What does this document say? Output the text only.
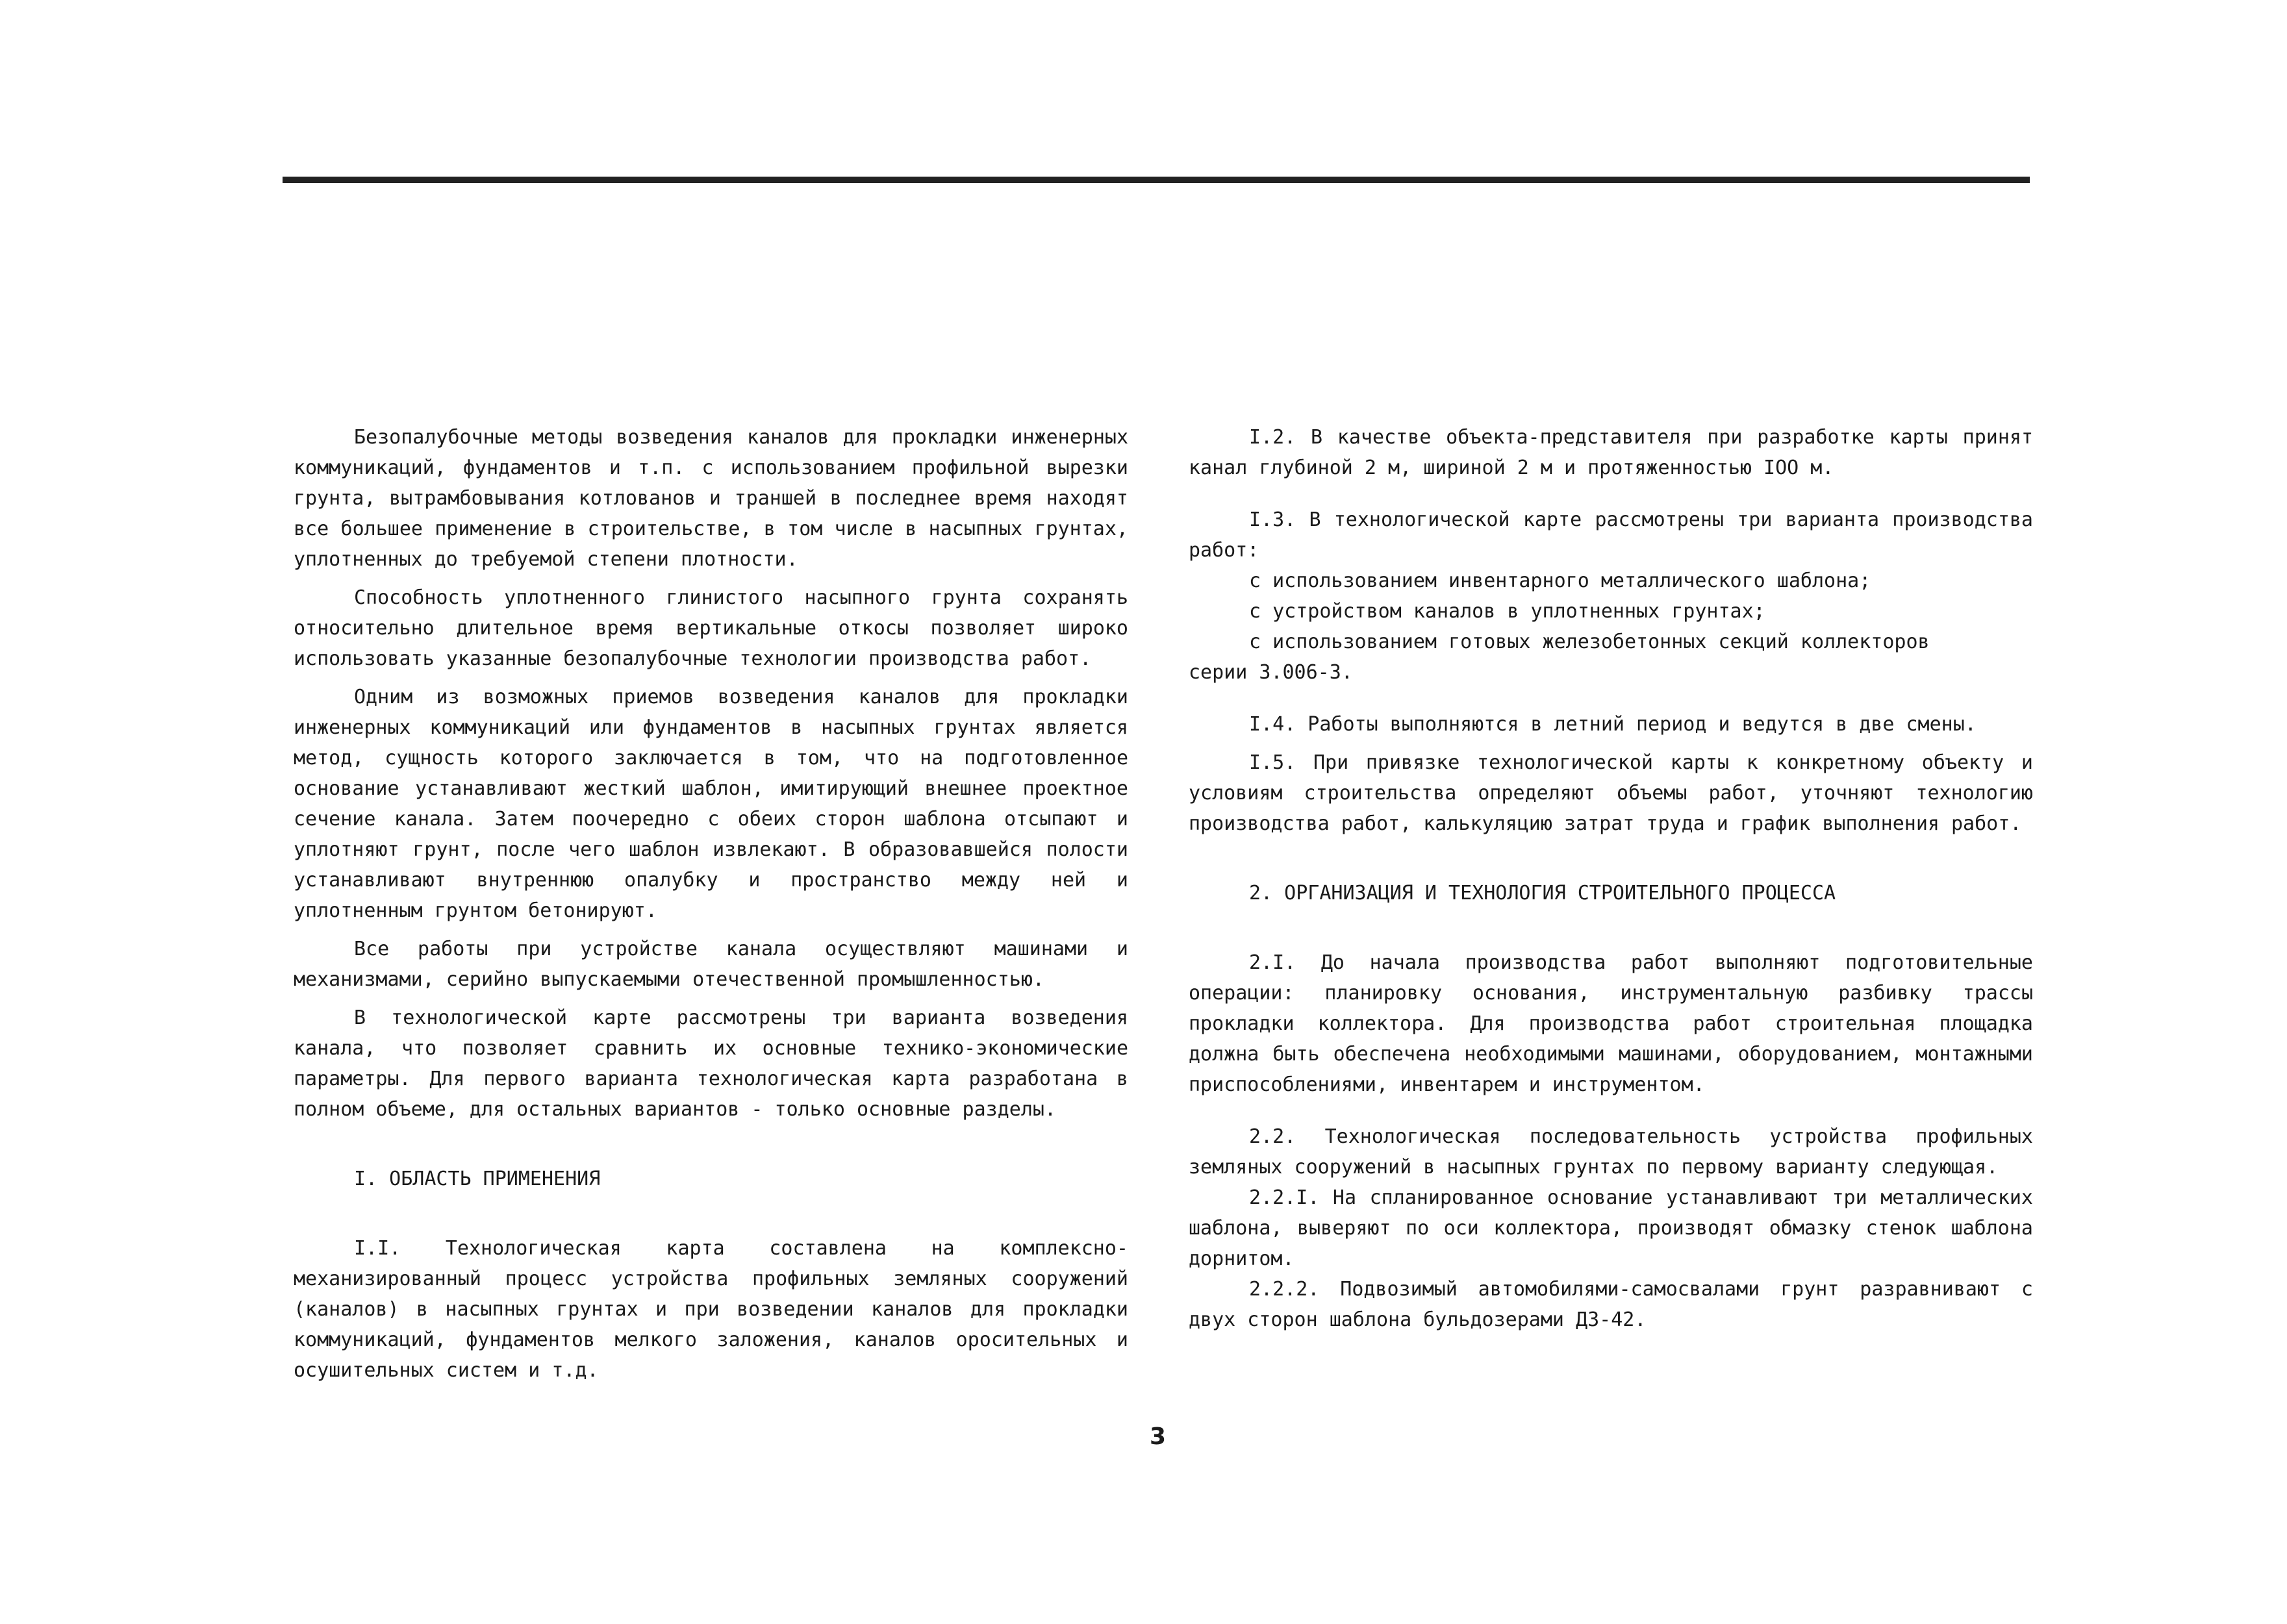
Безопалубочные методы возведения каналов для прокладки инженерных коммуникаций, фундаментов и т.п. с использованием профильной вырезки грунта, вытрамбовывания котлованов и траншей в последнее время находят все большее применение в строительстве, в том числе в насыпных грунтах, уплотненных до требуемой степени плотности.

Способность уплотненного глинистого насыпного грунта сохранять относительно длительное время вертикальные откосы позволяет широко использовать указанные безопалубочные технологии производства работ.

Одним из возможных приемов возведения каналов для прокладки инженерных коммуникаций или фундаментов в насыпных грунтах является метод, сущность которого заключается в том, что на подготовленное основание устанавливают жесткий шаблон, имитирующий внешнее проектное сечение канала. Затем поочередно с обеих сторон шаблона отсыпают и уплотняют грунт, после чего шаблон извлекают. В образовавшейся полости устанавливают внутреннюю опалубку и пространство между ней и уплотненным грунтом бетонируют.

Все работы при устройстве канала осуществляют машинами и механизмами, серийно выпускаемыми отечественной промышленностью.

В технологической карте рассмотрены три варианта возведения канала, что позволяет сравнить их основные технико-экономические параметры. Для первого варианта технологическая карта разработана в полном объеме, для остальных вариантов - только основные разделы.

I. ОБЛАСТЬ ПРИМЕНЕНИЯ

I.I. Технологическая карта составлена на комплексно-механизированный процесс устройства профильных земляных сооружений (каналов) в насыпных грунтах и при возведении каналов для прокладки коммуникаций, фундаментов мелкого заложения, каналов оросительных и осушительных систем и т.д.

I.2. В качестве объекта-представителя при разработке карты принят канал глубиной 2 м, шириной 2 м и протяженностью IOO м.

I.3. В технологической карте рассмотрены три варианта производства работ:

с использованием инвентарного металлического шаблона;

с устройством каналов в уплотненных грунтах;

с использованием готовых железобетонных секций коллекторов

серии 3.006-3.

I.4. Работы выполняются в летний период и ведутся в две смены.

I.5. При привязке технологической карты к конкретному объекту и условиям строительства определяют объемы работ, уточняют технологию производства работ, калькуляцию затрат труда и график выполнения работ.

2. ОРГАНИЗАЦИЯ И ТЕХНОЛОГИЯ СТРОИТЕЛЬНОГО ПРОЦЕССА

2.I. До начала производства работ выполняют подготовительные операции: планировку основания, инструментальную разбивку трассы прокладки коллектора. Для производства работ строительная площадка должна быть обеспечена необходимыми машинами, оборудованием, монтажными приспособлениями, инвентарем и инструментом.

2.2. Технологическая последовательность устройства профильных земляных сооружений в насыпных грунтах по первому варианту следующая.

2.2.I. На спланированное основание устанавливают три металлических шаблона, выверяют по оси коллектора, производят обмазку стенок шаблона дорнитом.

2.2.2. Подвозимый автомобилями-самосвалами грунт разравнивают с двух сторон шаблона бульдозерами ДЗ-42.

3
